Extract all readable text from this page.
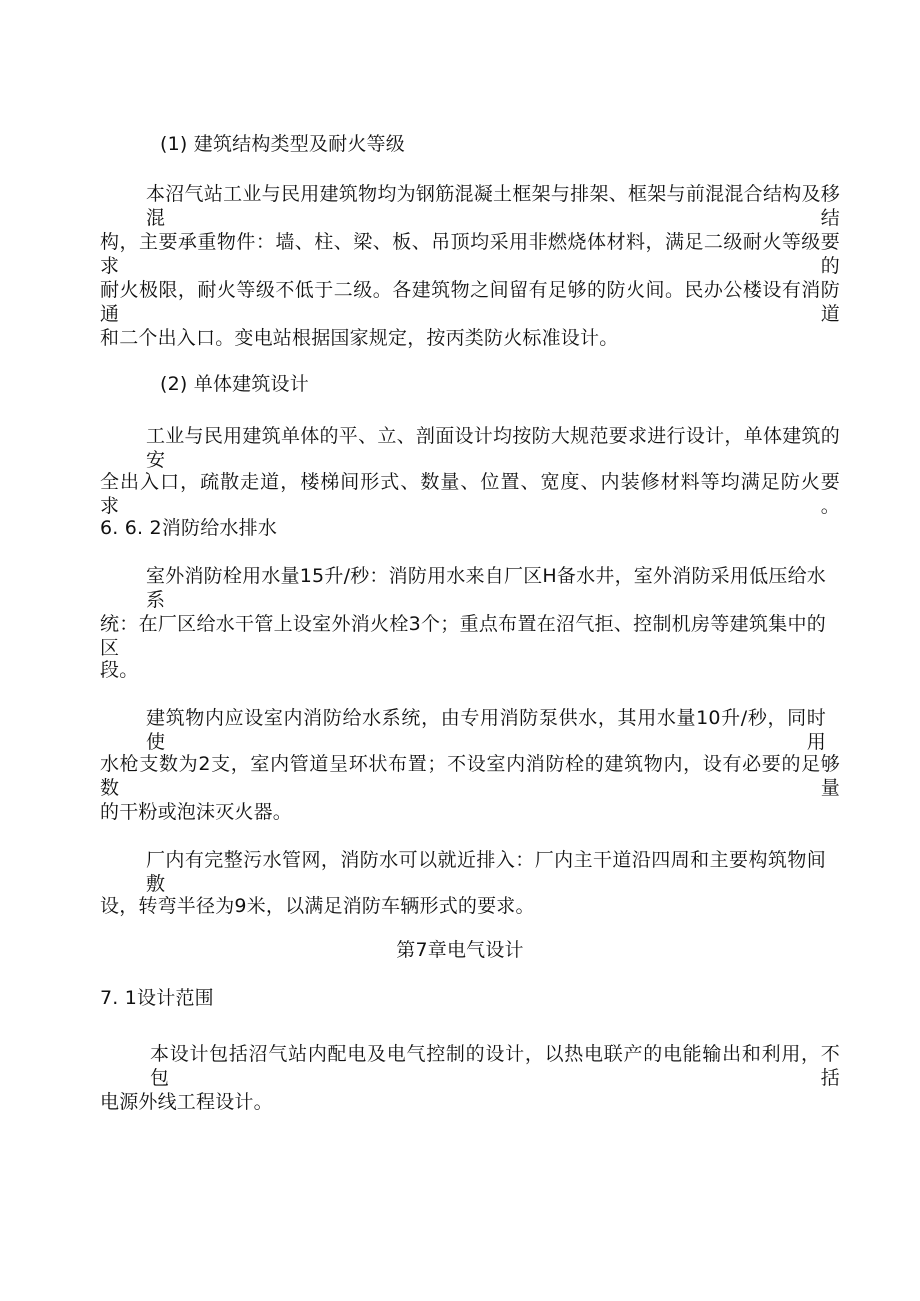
(1) 建筑结构类型及耐火等级
本沼气站工业与民用建筑物均为钢筋混凝土框架与排架、框架与前混混合结构及移混结
构，主要承重物件：墙、柱、梁、板、吊顶均采用非燃烧体材料，满足二级耐火等级要求的
耐火极限，耐火等级不低于二级。各建筑物之间留有足够的防火间。民办公楼设有消防通道
和二个出入口。变电站根据国家规定，按丙类防火标准设计。
(2) 单体建筑设计
工业与民用建筑单体的平、立、剖面设计均按防大规范要求进行设计，单体建筑的安
全出入口，疏散走道，楼梯间形式、数量、位置、宽度、内装修材料等均满足防火要求。
6. 6. 2消防给水排水
室外消防栓用水量15升/秒：消防用水来自厂区H备水井，室外消防采用低压给水系
统：在厂区给水干管上设室外消火栓3个；重点布置在沼气拒、控制机房等建筑集中的区
段。
建筑物内应设室内消防给水系统，由专用消防泵供水，其用水量10升/秒，同时使用
水枪支数为2支，室内管道呈环状布置；不设室内消防栓的建筑物内，设有必要的足够数量
的干粉或泡沫灭火器。
厂内有完整污水管网，消防水可以就近排入：厂内主干道沿四周和主要构筑物间敷
设，转弯半径为9米，以满足消防车辆形式的要求。
第7章电气设计
7. 1设计范围
本设计包括沼气站内配电及电气控制的设计，以热电联产的电能输出和利用，不包括
电源外线工程设计。
